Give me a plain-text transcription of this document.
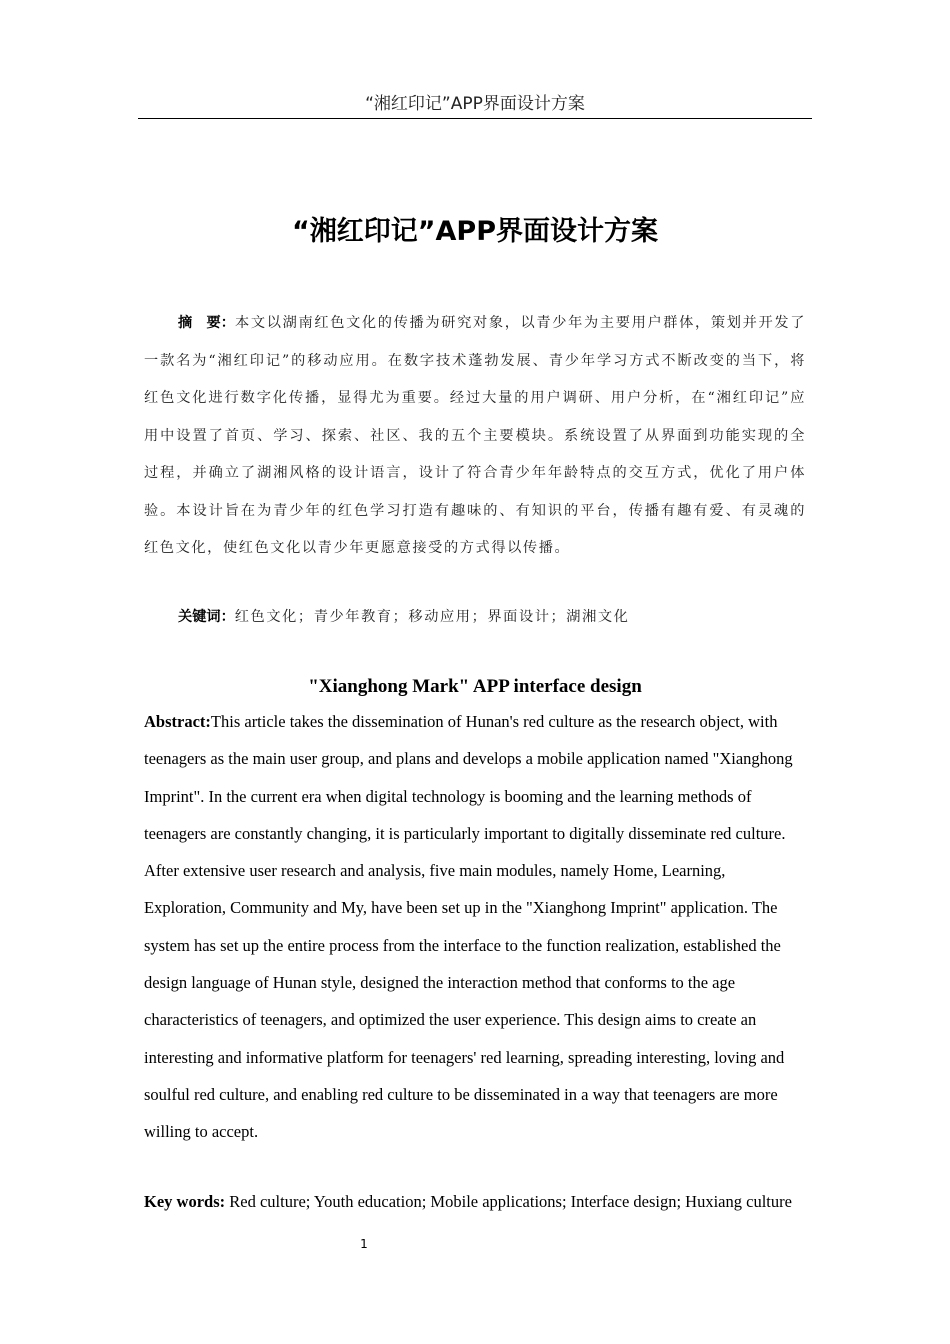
“湘红印记”APP界面设计方案
“湘红印记”APP界面设计方案

摘　要：本文以湖南红色文化的传播为研究对象，以青少年为主要用户群体，策划并开发了一款名为“湘红印记”的移动应用。在数字技术蓬勃发展、青少年学习方式不断改变的当下，将红色文化进行数字化传播，显得尤为重要。经过大量的用户调研、用户分析，在“湘红印记”应用中设置了首页、学习、探索、社区、我的五个主要模块。系统设置了从界面到功能实现的全过程，并确立了湖湘风格的设计语言，设计了符合青少年年龄特点的交互方式，优化了用户体验。本设计旨在为青少年的红色学习打造有趣味的、有知识的平台，传播有趣有爱、有灵魂的红色文化，使红色文化以青少年更愿意接受的方式得以传播。

关键词：红色文化；青少年教育；移动应用；界面设计；湖湘文化

"Xianghong Mark" APP interface design

Abstract:This article takes the dissemination of Hunan's red culture as the research object, with teenagers as the main user group, and plans and develops a mobile application named "Xianghong Imprint". In the current era when digital technology is booming and the learning methods of teenagers are constantly changing, it is particularly important to digitally disseminate red culture. After extensive user research and analysis, five main modules, namely Home, Learning, Exploration, Community and My, have been set up in the "Xianghong Imprint" application. The system has set up the entire process from the interface to the function realization, established the design language of Hunan style, designed the interaction method that conforms to the age characteristics of teenagers, and optimized the user experience. This design aims to create an interesting and informative platform for teenagers' red learning, spreading interesting, loving and soulful red culture, and enabling red culture to be disseminated in a way that teenagers are more willing to accept.

Key words: Red culture; Youth education; Mobile applications; Interface design; Huxiang culture

1
